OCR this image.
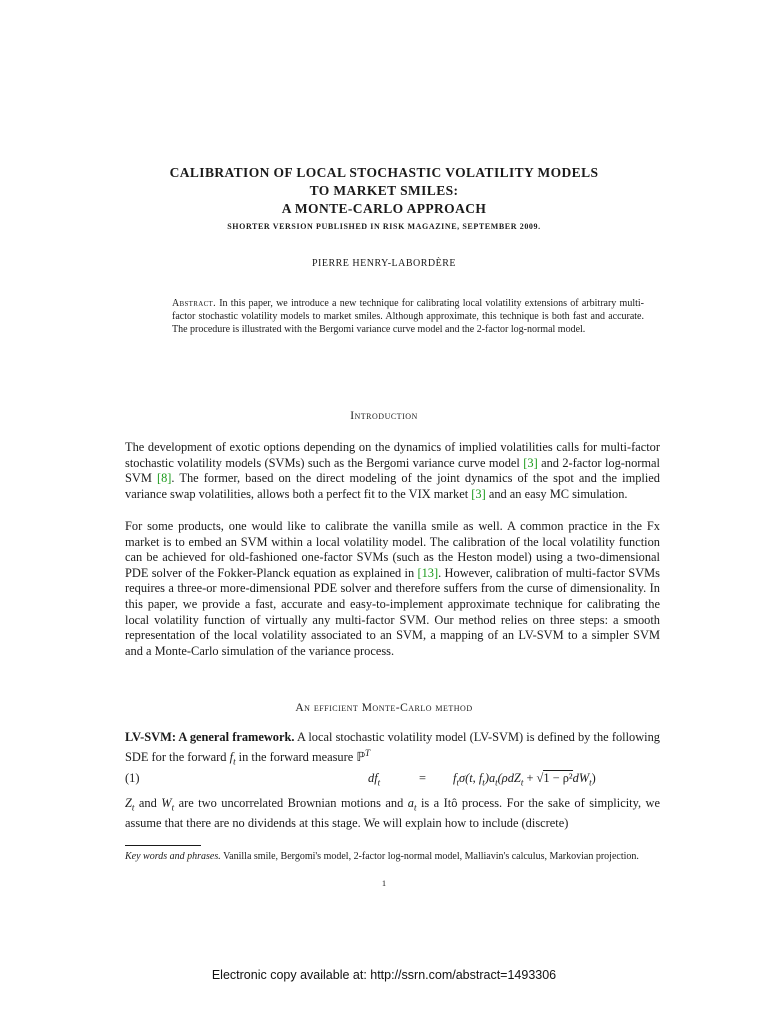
CALIBRATION OF LOCAL STOCHASTIC VOLATILITY MODELS
TO MARKET SMILES:
A MONTE-CARLO APPROACH
SHORTER VERSION PUBLISHED IN RISK MAGAZINE, SEPTEMBER 2009.
PIERRE HENRY-LABORDÈRE
Abstract. In this paper, we introduce a new technique for calibrating local volatility extensions of arbitrary multi-factor stochastic volatility models to market smiles. Although approximate, this technique is both fast and accurate. The procedure is illustrated with the Bergomi variance curve model and the 2-factor log-normal model.
Introduction

The development of exotic options depending on the dynamics of implied volatilities calls for multi-factor stochastic volatility models (SVMs) such as the Bergomi variance curve model [3] and 2-factor log-normal SVM [8]. The former, based on the direct modeling of the joint dynamics of the spot and the implied variance swap volatilities, allows both a perfect fit to the VIX market [3] and an easy MC simulation.

For some products, one would like to calibrate the vanilla smile as well. A common practice in the Fx market is to embed an SVM within a local volatility model. The calibration of the local volatility function can be achieved for old-fashioned one-factor SVMs (such as the Heston model) using a two-dimensional PDE solver of the Fokker-Planck equation as explained in [13]. However, calibration of multi-factor SVMs requires a three-or more-dimensional PDE solver and therefore suffers from the curse of dimensionality. In this paper, we provide a fast, accurate and easy-to-implement approximate technique for calibrating the local volatility function of virtually any multi-factor SVM. Our method relies on three steps: a smooth representation of the local volatility associated to an SVM, a mapping of an LV-SVM to a simpler SVM and a Monte-Carlo simulation of the variance process.

An efficient Monte-Carlo method

LV-SVM: A general framework. A local stochastic volatility model (LV-SVM) is defined by the following SDE for the forward $f_t$ in the forward measure ℙ$^T$

(1)	$df_t$	= $f_t\sigma(t$, $f_t)a_t(\rho dZ_t + √1 - \rho^2dW_t)$

$Z_t$ and $W_t$ are two uncorrelated Brownian motions and $a_t$ is a Itô process. For the sake of simplicity, we assume that there are no dividends at this stage. We will explain how to include (discrete)

Key words and phrases. Vanilla smile, Bergomi's model, 2-factor log-normal model, Malliavin's calculus, Markovian projection.
1
Electronic copy available at: http://ssrn.com/abstract=1493306
